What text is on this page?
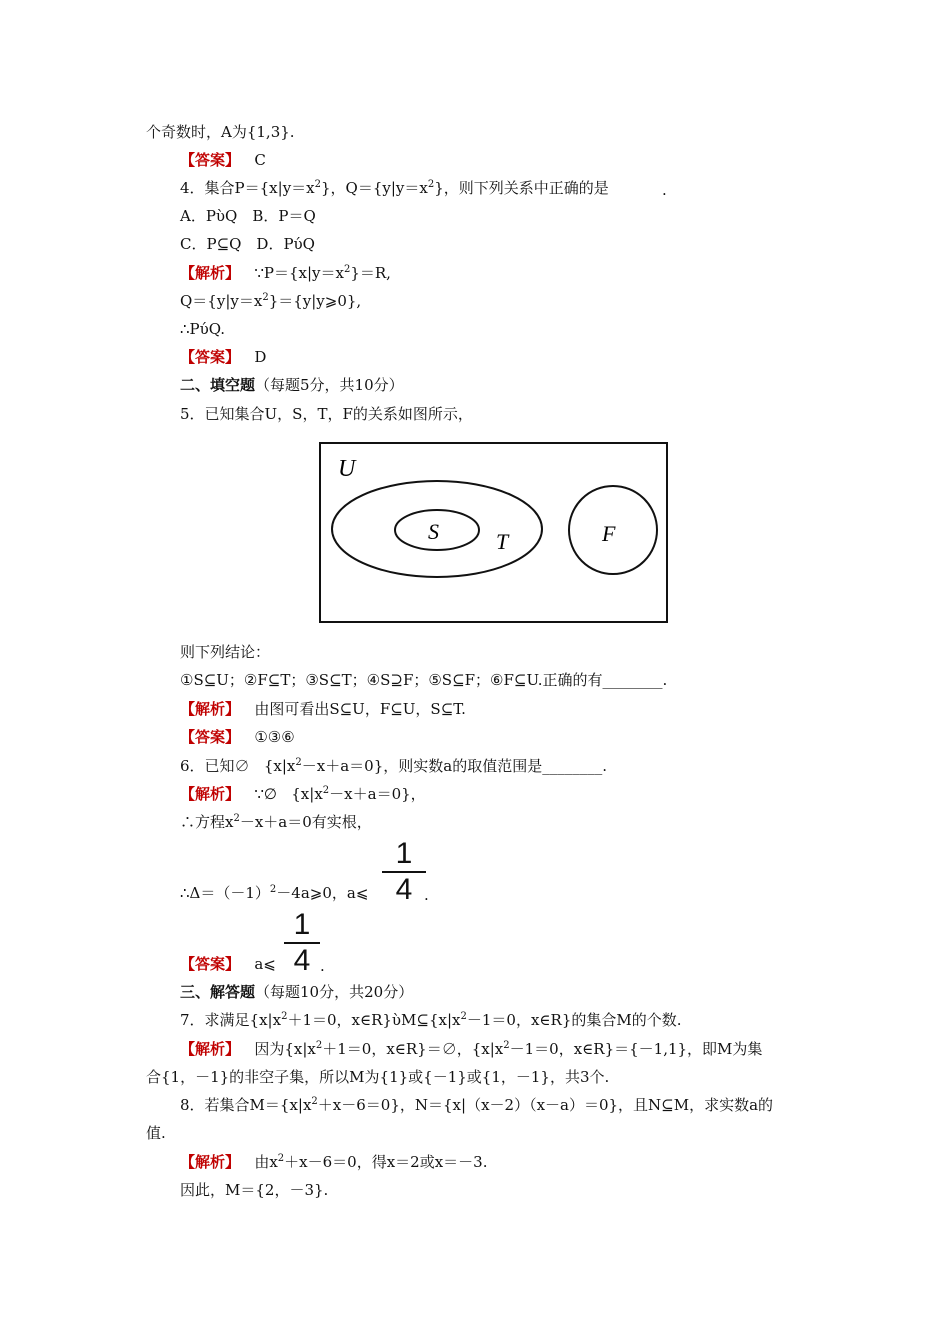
个奇数时，A为{1,3}.
【答案】 C
4．集合$P=\{x|y=x^2\}$，$Q=\{y|y=x^2\}$，则下列关系中正确的是	.
A．PὺQ　B．P＝Q
C．P⊆Q　D．PύQ
【解析】 $\because P=\{x|y=x^2\}=R$,
$Q=\{y|y=x^2\}=\{y|y⩾0\}$,
∴PύQ.
【答案】 D
二、填空题（每题5分，共10分）
5．已知集合U，S，T，F的关系如图所示，
U
S	T	F
则下列结论：
①S⊆U；②F⊆T；③S⊆T；④S⊇F；⑤S⊆F；⑥F⊆U.正确的有________.
【解析】 由图可看出S⊆U，F⊆U，S⊆T.
【答案】 ①③⑥
6．已知∅   $\{x|x^2-x+a=0\}$，则实数a的取值范围是________.
【解析】 ∵∅   $\{x|x^2-x+a=0\}$，
∴方程$x^2-x+a=0$有实根，
$\therefore\Delta=(-1)^2-4a⩾0$，a⩽
1
4 .
【答案】 a⩽
1
4 .
三、解答题（每题10分，共20分）
7．求满足{$x|x^2+1=0$，$x\in R\}ὺM⊆\{x|x^2-1=0$，x∈R}的集合M的个数.
【解析】 因为{$x|x^2+1=0$，x∈R}＝∅，{$x|x^2-1=0$，x∈R}＝{－1,1}，即M为集
合{1，－1}的非空子集，所以M为{1}或{－1}或{1，－1}，共3个.
8．若集合$M=\{x|x^2+x-6=0\}$，N＝{x|（x－2）（x－a）＝0}，且N⊆M，求实数a的
值.
【解析】 由$x^2+x-6=0$，得x＝2或x＝－3.
因此，M＝{2，－3}.
